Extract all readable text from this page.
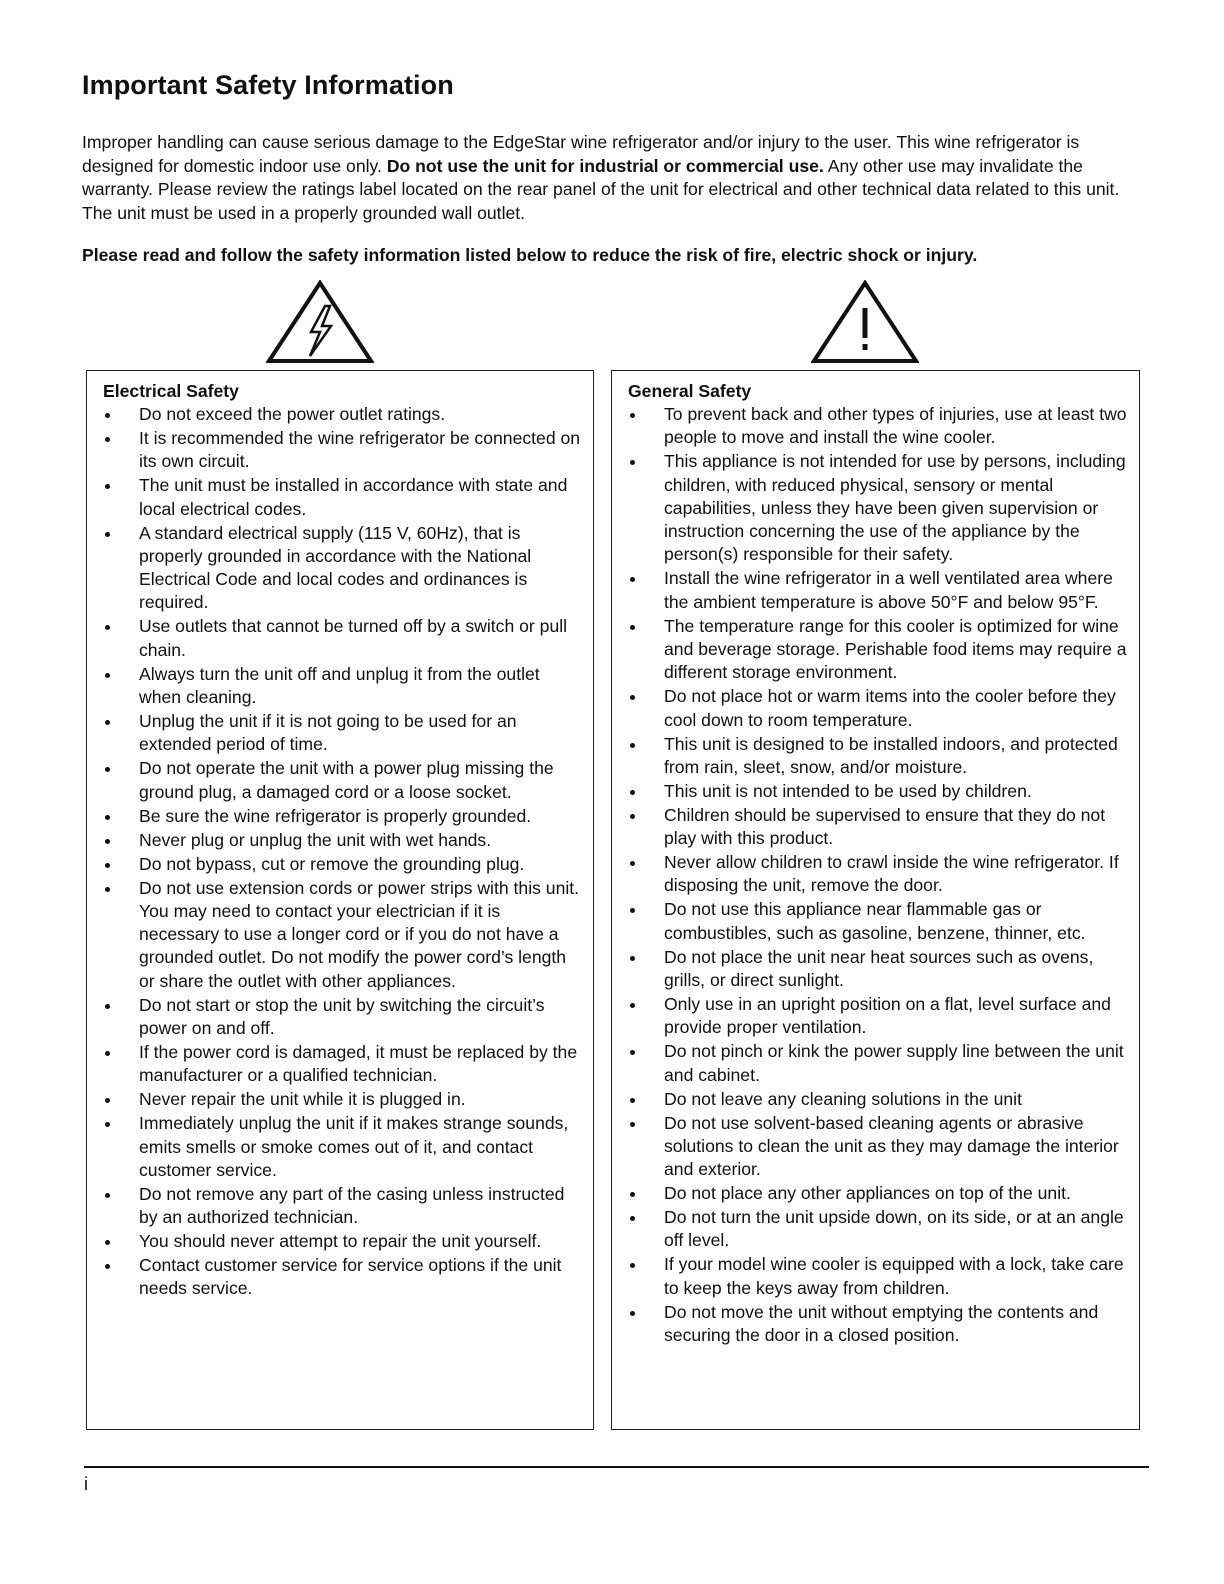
Important Safety Information

Improper handling can cause serious damage to the EdgeStar wine refrigerator and/or injury to the user. This wine refrigerator is designed for domestic indoor use only. Do not use the unit for industrial or commercial use. Any other use may invalidate the warranty. Please review the ratings label located on the rear panel of the unit for electrical and other technical data related to this unit. The unit must be used in a properly grounded wall outlet.

Please read and follow the safety information listed below to reduce the risk of fire, electric shock or injury.

Electrical Safety
Do not exceed the power outlet ratings.
It is recommended the wine refrigerator be connected on its own circuit.
The unit must be installed in accordance with state and local electrical codes.
A standard electrical supply (115 V, 60Hz), that is properly grounded in accordance with the National Electrical Code and local codes and ordinances is required.
Use outlets that cannot be turned off by a switch or pull chain.
Always turn the unit off and unplug it from the outlet when cleaning.
Unplug the unit if it is not going to be used for an extended period of time.
Do not operate the unit with a power plug missing the ground plug, a damaged cord or a loose socket.
Be sure the wine refrigerator is properly grounded.
Never plug or unplug the unit with wet hands.
Do not bypass, cut or remove the grounding plug.
Do not use extension cords or power strips with this unit. You may need to contact your electrician if it is necessary to use a longer cord or if you do not have a grounded outlet. Do not modify the power cord’s length or share the outlet with other appliances.
Do not start or stop the unit by switching the circuit’s power on and off.
If the power cord is damaged, it must be replaced by the manufacturer or a qualified technician.
Never repair the unit while it is plugged in.
Immediately unplug the unit if it makes strange sounds, emits smells or smoke comes out of it, and contact customer service.
Do not remove any part of the casing unless instructed by an authorized technician.
You should never attempt to repair the unit yourself.
Contact customer service for service options if the unit needs service.
General Safety
To prevent back and other types of injuries, use at least two people to move and install the wine cooler.
This appliance is not intended for use by persons, including children, with reduced physical, sensory or mental capabilities, unless they have been given supervision or instruction concerning the use of the appliance by the person(s) responsible for their safety.
Install the wine refrigerator in a well ventilated area where the ambient temperature is above 50°F and below 95°F.
The temperature range for this cooler is optimized for wine and beverage storage. Perishable food items may require a different storage environment.
Do not place hot or warm items into the cooler before they cool down to room temperature.
This unit is designed to be installed indoors, and protected from rain, sleet, snow, and/or moisture.
This unit is not intended to be used by children.
Children should be supervised to ensure that they do not play with this product.
Never allow children to crawl inside the wine refrigerator. If disposing the unit, remove the door.
Do not use this appliance near flammable gas or combustibles, such as gasoline, benzene, thinner, etc.
Do not place the unit near heat sources such as ovens, grills, or direct sunlight.
Only use in an upright position on a flat, level surface and provide proper ventilation.
Do not pinch or kink the power supply line between the unit and cabinet.
Do not leave any cleaning solutions in the unit
Do not use solvent-based cleaning agents or abrasive solutions to clean the unit as they may damage the interior and exterior.
Do not place any other appliances on top of the unit.
Do not turn the unit upside down, on its side, or at an angle off level.
If your model wine cooler is equipped with a lock, take care to keep the keys away from children.
Do not move the unit without emptying the contents and securing the door in a closed position.
i
